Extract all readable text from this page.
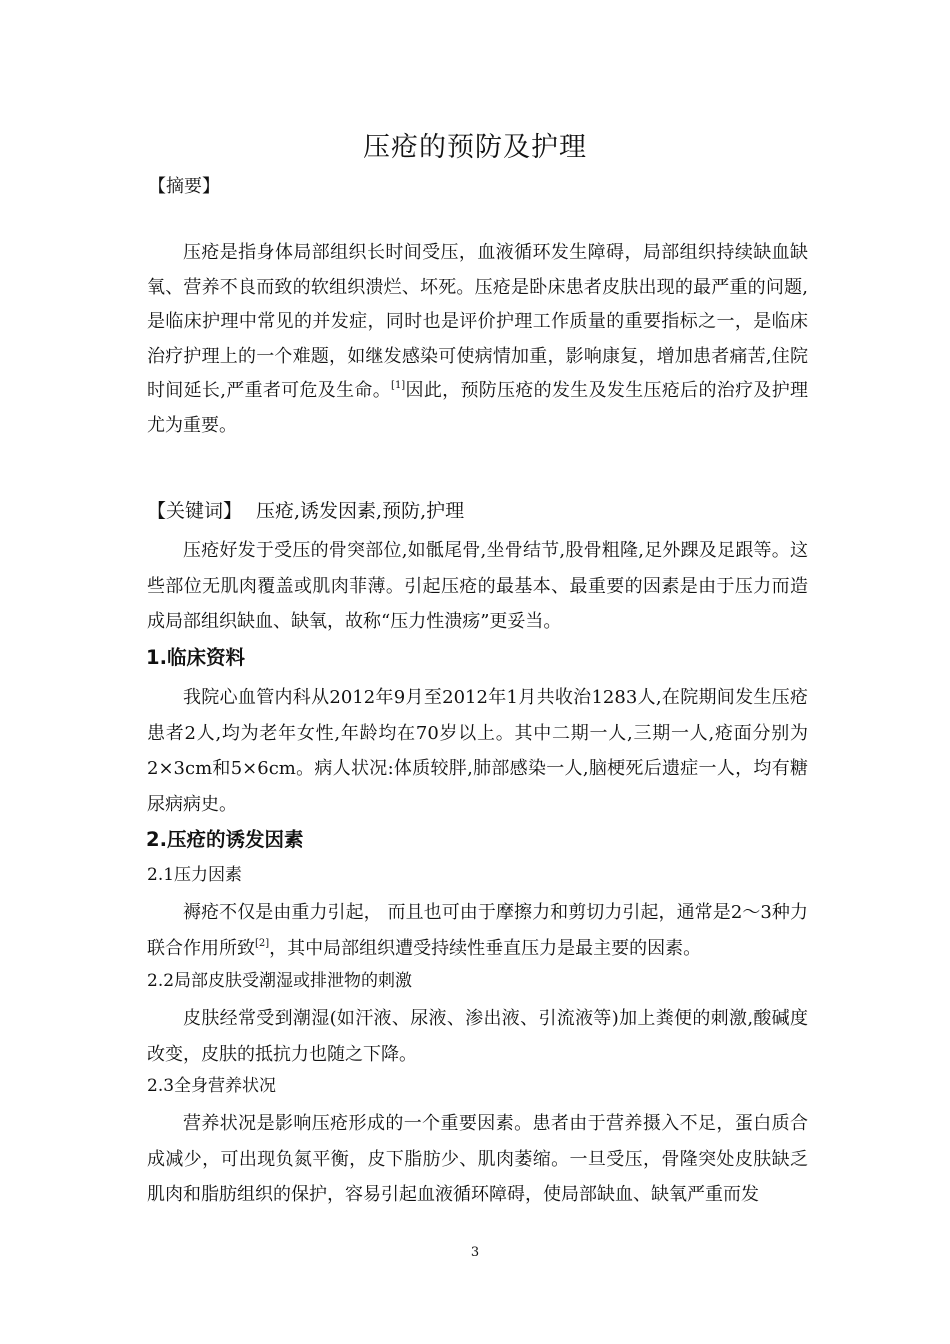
压疮的预防及护理
【摘要】

压疮是指身体局部组织长时间受压，血液循环发生障碍，局部组织持续缺血缺氧、营养不良而致的软组织溃烂、坏死。压疮是卧床患者皮肤出现的最严重的问题,是临床护理中常见的并发症，同时也是评价护理工作质量的重要指标之一，是临床治疗护理上的一个难题，如继发感染可使病情加重，影响康复，增加患者痛苦,住院时间延长,严重者可危及生命。[1]因此，预防压疮的发生及发生压疮后的治疗及护理尤为重要。

【关键词】 压疮,诱发因素,预防,护理

压疮好发于受压的骨突部位,如骶尾骨,坐骨结节,股骨粗隆,足外踝及足跟等。这些部位无肌肉覆盖或肌肉菲薄。引起压疮的最基本、最重要的因素是由于压力而造成局部组织缺血、缺氧，故称“压力性溃疡”更妥当。

1.临床资料

我院心血管内科从2012年9月至2012年1月共收治1283人,在院期间发生压疮患者2人,均为老年女性,年龄均在70岁以上。其中二期一人,三期一人,疮面分别为2×3cm和5×6cm。病人状况:体质较胖,肺部感染一人,脑梗死后遗症一人，均有糖尿病病史。

2.压疮的诱发因素
2.1压力因素

褥疮不仅是由重力引起， 而且也可由于摩擦力和剪切力引起，通常是2～3种力联合作用所致[2]，其中局部组织遭受持续性垂直压力是最主要的因素。

2.2局部皮肤受潮湿或排泄物的刺激

皮肤经常受到潮湿(如汗液、尿液、渗出液、引流液等)加上粪便的刺激,酸碱度改变，皮肤的抵抗力也随之下降。

2.3全身营养状况

营养状况是影响压疮形成的一个重要因素。患者由于营养摄入不足，蛋白质合成减少，可出现负氮平衡，皮下脂肪少、肌肉萎缩。一旦受压，骨隆突处皮肤缺乏肌肉和脂肪组织的保护，容易引起血液循环障碍，使局部缺血、缺氧严重而发

3
